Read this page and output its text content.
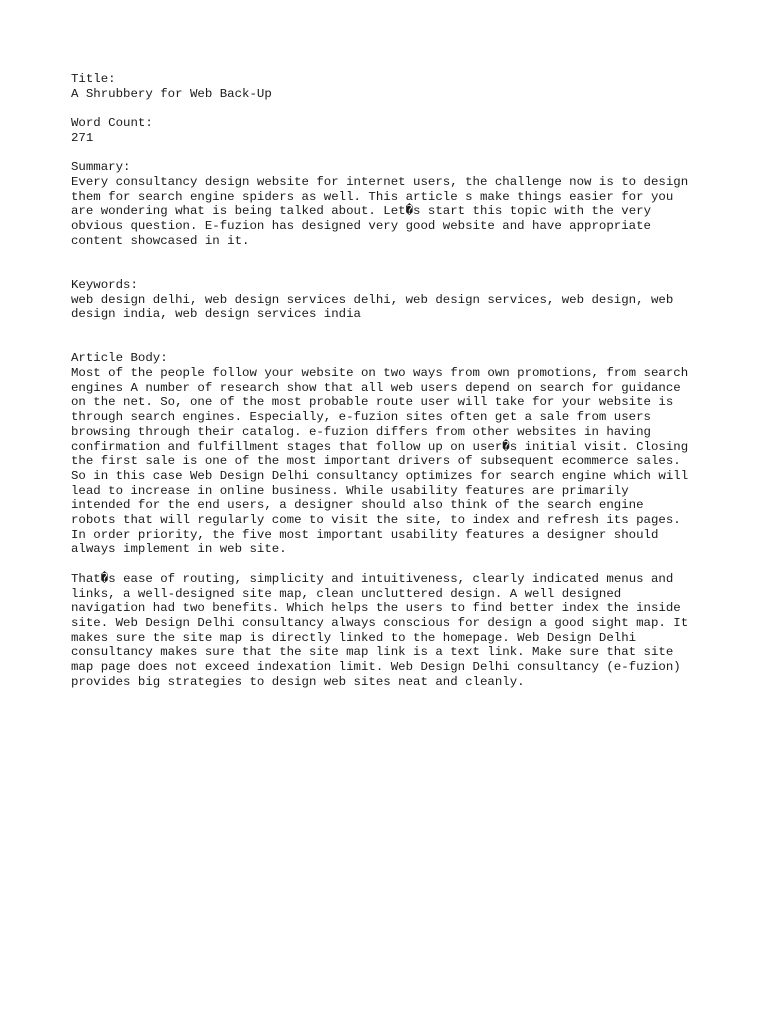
Title:
A Shrubbery for Web Back-Up
Word Count:
271
Summary:
Every consultancy design website for internet users, the challenge now is to design
them for search engine spiders as well. This article s make things easier for you
are wondering what is being talked about. Let�s start this topic with the very
obvious question. E-fuzion has designed very good website and have appropriate
content showcased in it.
Keywords:
web design delhi, web design services delhi, web design services, web design, web
design india, web design services india
Article Body:
Most of the people follow your website on two ways from own promotions, from search
engines A number of research show that all web users depend on search for guidance
on the net. So, one of the most probable route user will take for your website is
through search engines. Especially, e-fuzion sites often get a sale from users
browsing through their catalog. e-fuzion differs from other websites in having
confirmation and fulfillment stages that follow up on user�s initial visit. Closing
the first sale is one of the most important drivers of subsequent ecommerce sales.
So in this case Web Design Delhi consultancy optimizes for search engine which will
lead to increase in online business. While usability features are primarily
intended for the end users, a designer should also think of the search engine
robots that will regularly come to visit the site, to index and refresh its pages.
In order priority, the five most important usability features a designer should
always implement in web site.
That�s ease of routing, simplicity and intuitiveness, clearly indicated menus and
links, a well-designed site map, clean uncluttered design. A well designed
navigation had two benefits. Which helps the users to find better index the inside
site. Web Design Delhi consultancy always conscious for design a good sight map. It
makes sure the site map is directly linked to the homepage. Web Design Delhi
consultancy makes sure that the site map link is a text link. Make sure that site
map page does not exceed indexation limit. Web Design Delhi consultancy (e-fuzion)
provides big strategies to design web sites neat and cleanly.
